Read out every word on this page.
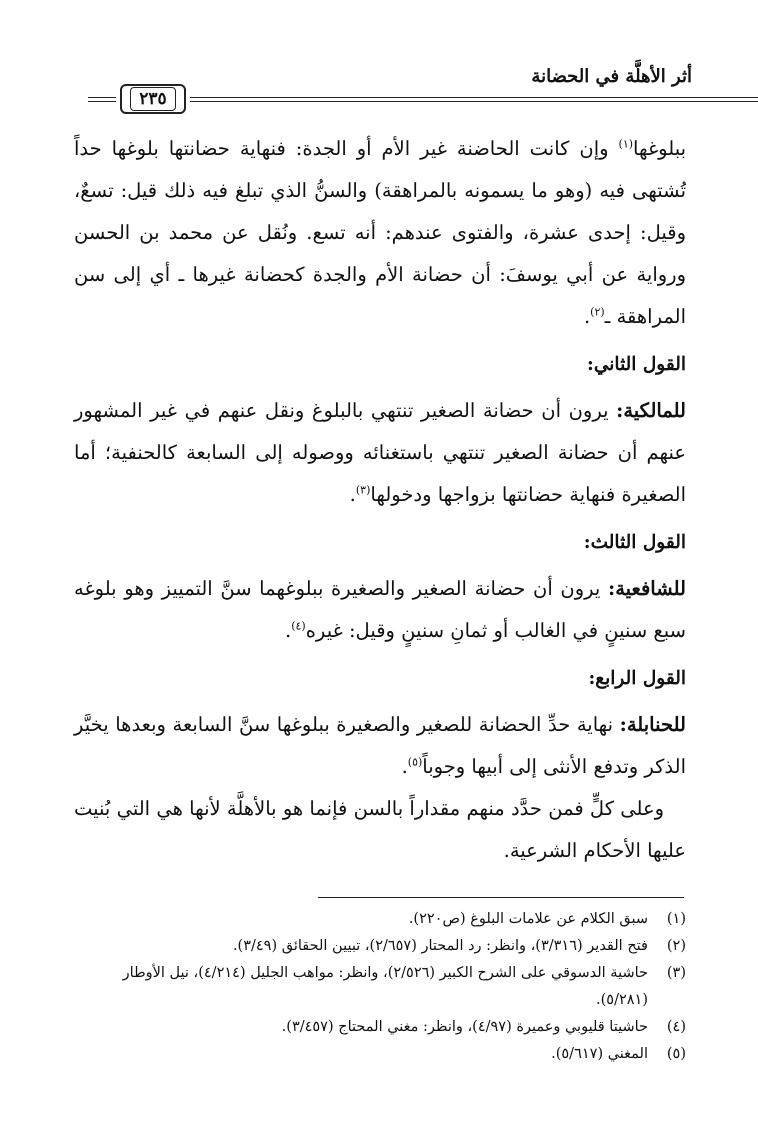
أثر الأهلَّة في الحضانة
٢٣٥

ببلوغها$^{(١)}$ وإن كانت الحاضنة غير الأم أو الجدة: فنهاية حضانتها بلوغها حداً تُشتهى فيه (وهو ما يسمونه بالمراهقة) والسنُّ الذي تبلغ فيه ذلك قيل: تسعٌ، وقيل: إحدى عشرة، والفتوى عندهم: أنه تسع. ونُقل عن محمد بن الحسن ورواية عن أبي يوسفَ: أن حضانة الأم والجدة كحضانة غيرها ـ أي إلى سن المراهقة ـ$^{(٢)}$.

القول الثاني:

للمالكية: يرون أن حضانة الصغير تنتهي بالبلوغ ونقل عنهم في غير المشهور عنهم أن حضانة الصغير تنتهي باستغنائه ووصوله إلى السابعة كالحنفية؛ أما الصغيرة فنهاية حضانتها بزواجها ودخولها$^{(٣)}$.

القول الثالث:

للشافعية: يرون أن حضانة الصغير والصغيرة ببلوغهما سنَّ التمييز وهو بلوغه سبع سنينٍ في الغالب أو ثمانِ سنينٍ وقيل: غيره$^{(٤)}$.

القول الرابع:

للحنابلة: نهاية حدِّ الحضانة للصغير والصغيرة ببلوغها سنَّ السابعة وبعدها يخيَّر الذكر وتدفع الأنثى إلى أبيها وجوباً$^{(٥)}$.

وعلى كلٍّ فمن حدَّد منهم مقداراً بالسن فإنما هو بالأهلَّة لأنها هي التي بُنيت عليها الأحكام الشرعية.

(١)
سبق الكلام عن علامات البلوغ (ص٢٢٠).
(٢)
فتح القدير (٣/٣١٦)، وانظر: رد المحتار (٢/٦٥٧)، تبيين الحقائق (٣/٤٩).
(٣)
حاشية الدسوقي على الشرح الكبير (٢/٥٢٦)، وانظر: مواهب الجليل (٤/٢١٤)، نيل الأوطار (٥/٢٨١).
(٤)
حاشيتا قليوبي وعميرة (٤/٩٧)، وانظر: مغني المحتاج (٣/٤٥٧).
(٥)
المغني (٥/٦١٧).
